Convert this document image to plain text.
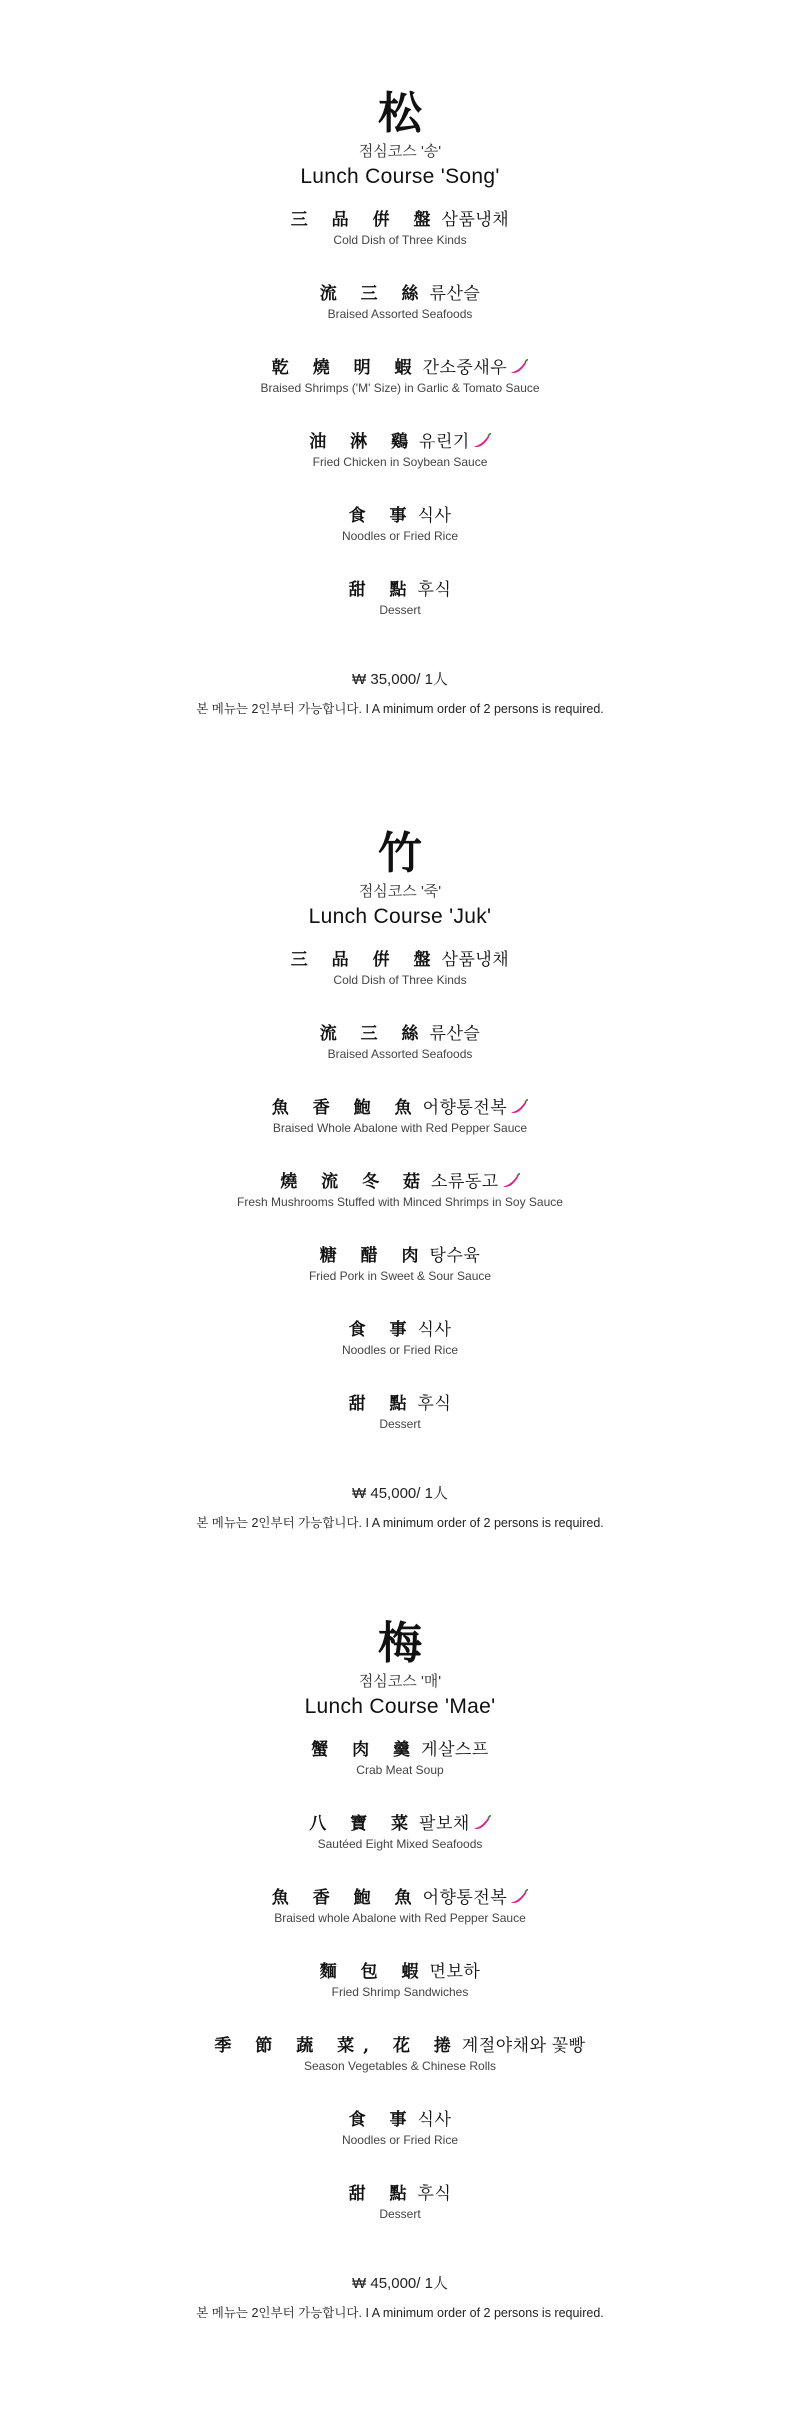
松
점심코스 '송'
Lunch Course 'Song'
三 品 倂 盤 삼품냉채
Cold Dish of Three Kinds
流 三 絲 류산슬
Braised Assorted Seafoods
乾 燒 明 蝦 간소중새우
Braised Shrimps ('M' Size) in Garlic & Tomato Sauce
油 淋 鷄 유린기
Fried Chicken in Soybean Sauce
食 事 식사
Noodles or Fried Rice
甜 點 후식
Dessert
₩ 35,000/ 1人
본 메뉴는 2인부터 가능합니다. I A minimum order of 2 persons is required.
竹
점심코스 '죽'
Lunch Course 'Juk'
三 品 倂 盤 삼품냉채
Cold Dish of Three Kinds
流 三 絲 류산슬
Braised Assorted Seafoods
魚 香 鮑 魚 어향통전복
Braised Whole Abalone with Red Pepper Sauce
燒 流 冬 菇 소류동고
Fresh Mushrooms Stuffed with Minced Shrimps in Soy Sauce
糖 醋 肉 탕수육
Fried Pork in Sweet & Sour Sauce
食 事 식사
Noodles or Fried Rice
甜 點 후식
Dessert
₩ 45,000/ 1人
본 메뉴는 2인부터 가능합니다. I A minimum order of 2 persons is required.
梅
점심코스 '매'
Lunch Course 'Mae'
蟹 肉 羹 게살스프
Crab Meat Soup
八 寶 菜 팔보채
Sautéed Eight Mixed Seafoods
魚 香 鮑 魚 어향통전복
Braised whole Abalone with Red Pepper Sauce
麵 包 蝦 면보하
Fried Shrimp Sandwiches
季 節 蔬 菜, 花 捲 계절야채와 꽃빵
Season Vegetables & Chinese Rolls
食 事 식사
Noodles or Fried Rice
甜 點 후식
Dessert
₩ 45,000/ 1人
본 메뉴는 2인부터 가능합니다. I A minimum order of 2 persons is required.
